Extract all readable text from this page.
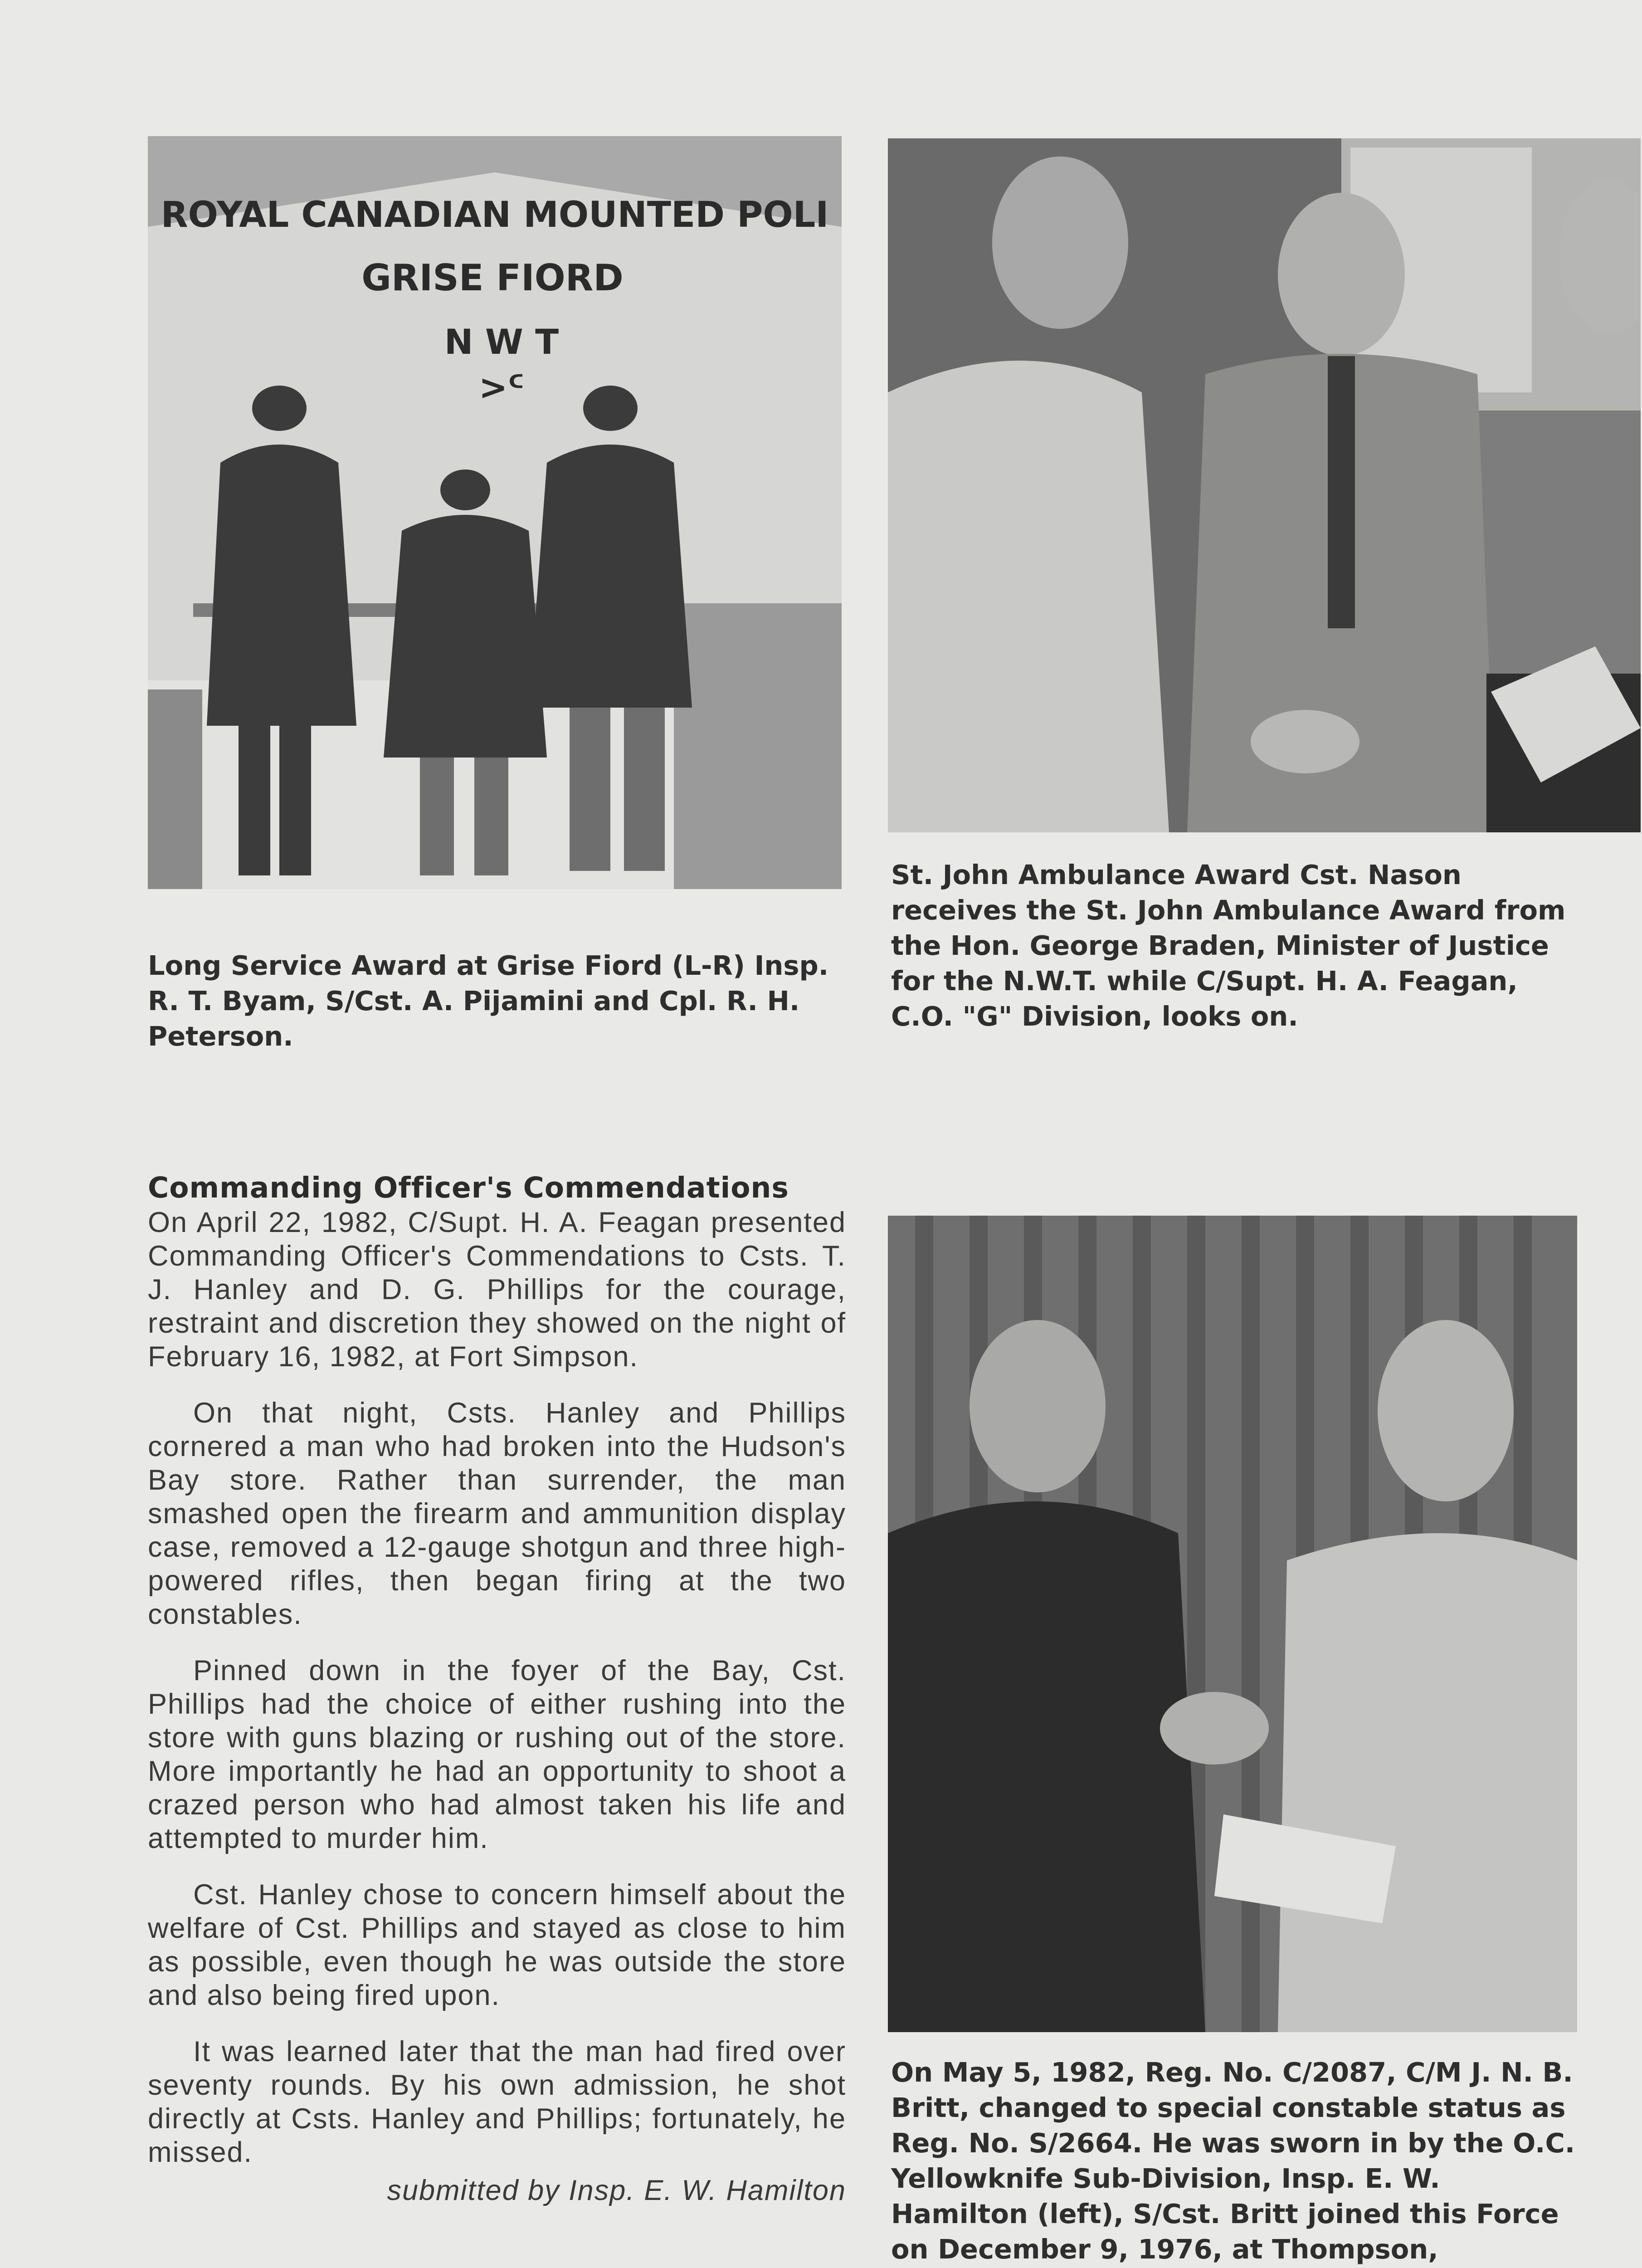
ROYAL CANADIAN MOUNTED POLI
GRISE FIORD
N W T
>ᑦ

Long Service Award at Grise Fiord (L-R) Insp. R. T. Byam, S/Cst. A. Pijamini and Cpl. R. H. Peterson.

St. John Ambulance Award Cst. Nason receives the St. John Ambulance Award from the Hon. George Braden, Minister of Justice for the N.W.T. while C/Supt. H. A. Feagan, C.O. "G" Division, looks on.

On May 5, 1982, Reg. No. C/2087, C/M J. N. B. Britt, changed to special constable status as Reg. No. S/2664. He was sworn in by the O.C. Yellowknife Sub-Division, Insp. E. W. Hamilton (left), S/Cst. Britt joined this Force on December 9, 1976, at Thompson,

Commanding Officer's Commendations

On April 22, 1982, C/Supt. H. A. Feagan presented Commanding Officer's Commendations to Csts. T. J. Hanley and D. G. Phillips for the courage, restraint and discretion they showed on the night of February 16, 1982, at Fort Simpson.

On that night, Csts. Hanley and Phillips cornered a man who had broken into the Hudson's Bay store. Rather than surrender, the man smashed open the firearm and ammunition display case, removed a 12-gauge shotgun and three high-powered rifles, then began firing at the two constables.

Pinned down in the foyer of the Bay, Cst. Phillips had the choice of either rushing into the store with guns blazing or rushing out of the store. More importantly he had an opportunity to shoot a crazed person who had almost taken his life and attempted to murder him.

Cst. Hanley chose to concern himself about the welfare of Cst. Phillips and stayed as close to him as possible, even though he was outside the store and also being fired upon.

It was learned later that the man had fired over seventy rounds. By his own admission, he shot directly at Csts. Hanley and Phillips; fortunately, he missed.

submitted by Insp. E. W. Hamilton
